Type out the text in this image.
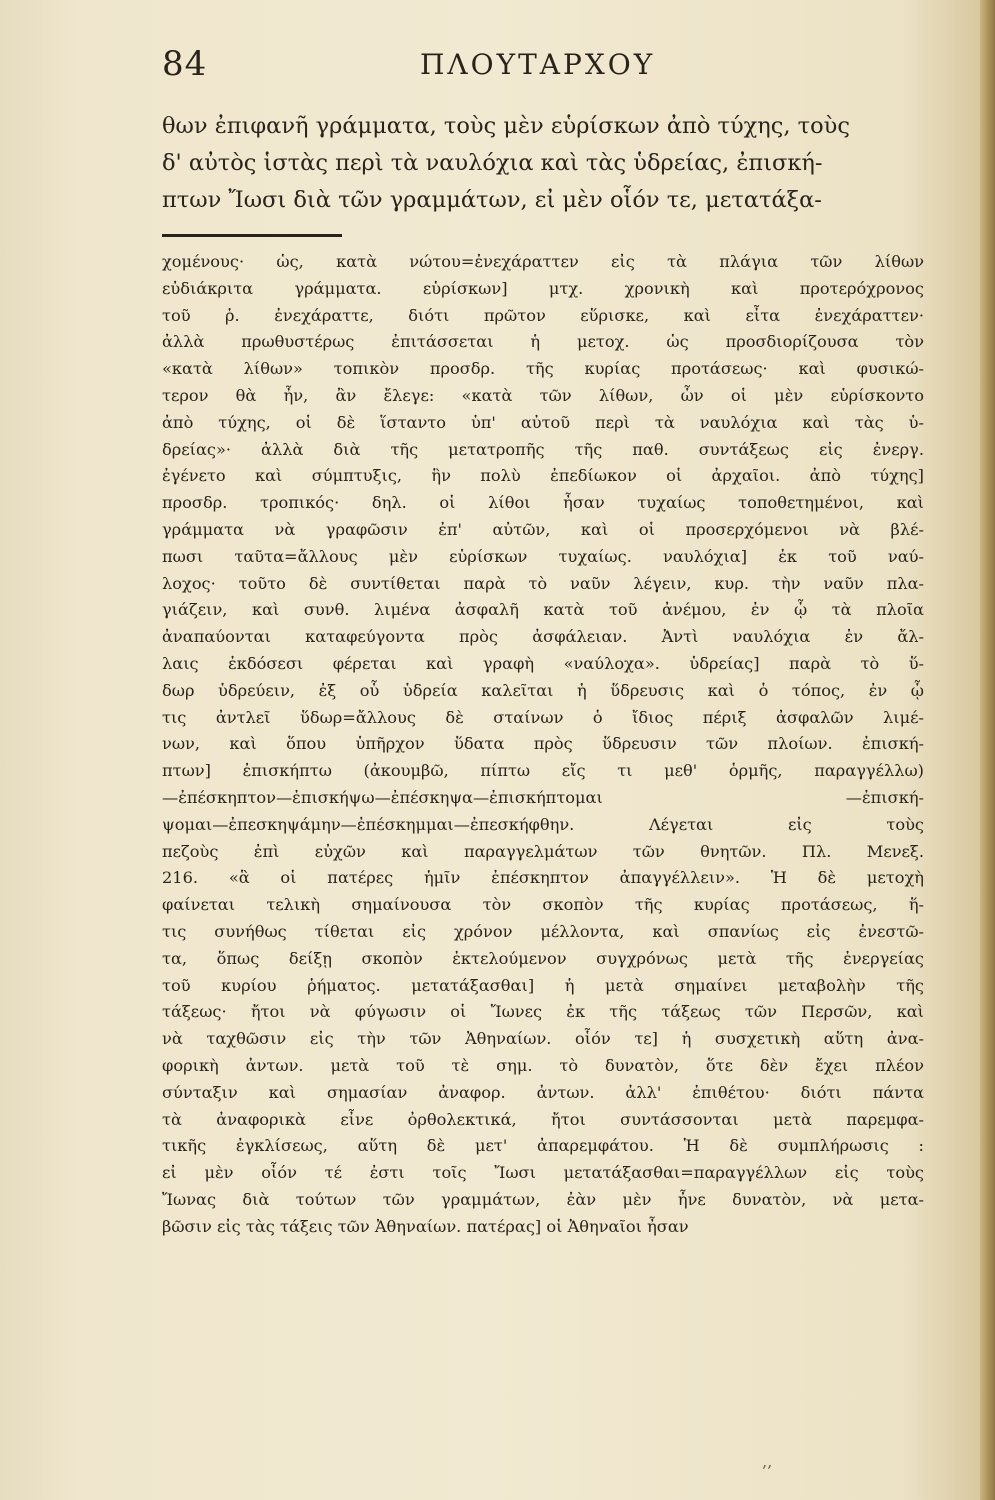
84	ΠΛΟΥΤΑΡΧΟΥ
θων ἐπιφανῆ γράμματα, τοὺς μὲν εὑρίσκων ἀπὸ τύχης, τοὺς
δ' αὐτὸς ἱστὰς περὶ τὰ ναυλόχια καὶ τὰς ὑδρείας, ἐπισκή-
πτων Ἴωσι διὰ τῶν γραμμάτων, εἰ μὲν οἷόν τε, μετατάξα-
χομένους· ὡς, κατὰ νώτου=ἐνεχάραττεν εἰς τὰ πλάγια τῶν λίθων
εὐδιάκριτα γράμματα. εὑρίσκων] μτχ. χρονικὴ καὶ προτερόχρονος
τοῦ ῥ. ἐνεχάραττε, διότι πρῶτον εὕρισκε, καὶ εἶτα ἐνεχάραττεν·
ἀλλὰ πρωθυστέρως ἐπιτάσσεται ἡ μετοχ. ὡς προσδιορίζουσα τὸν
«κατὰ λίθων» τοπικὸν προσδρ. τῆς κυρίας προτάσεως· καὶ φυσικώ-
τερον θὰ ἦν, ἂν ἔλεγε: «κατὰ τῶν λίθων, ὧν οἱ μὲν εὑρίσκοντο
ἀπὸ τύχης, οἱ δὲ ἵσταντο ὑπ' αὐτοῦ περὶ τὰ ναυλόχια καὶ τὰς ὑ-
δρείας»· ἀλλὰ διὰ τῆς μετατροπῆς τῆς παθ. συντάξεως εἰς ἐνεργ.
ἐγένετο καὶ σύμπτυξις, ἣν πολὺ ἐπεδίωκον οἱ ἀρχαῖοι. ἀπὸ τύχης]
προσδρ. τροπικός· δηλ. οἱ λίθοι ἦσαν τυχαίως τοποθετημένοι, καὶ
γράμματα νὰ γραφῶσιν ἐπ' αὐτῶν, καὶ οἱ προσερχόμενοι νὰ βλέ-
πωσι ταῦτα=ἄλλους μὲν εὑρίσκων τυχαίως. ναυλόχια] ἐκ τοῦ ναύ-
λοχος· τοῦτο δὲ συντίθεται παρὰ τὸ ναῦν λέγειν, κυρ. τὴν ναῦν πλα-
γιάζειν, καὶ συνθ. λιμένα ἀσφαλῆ κατὰ τοῦ ἀνέμου, ἐν ᾧ τὰ πλοῖα
ἀναπαύονται καταφεύγοντα πρὸς ἀσφάλειαν. Ἀντὶ ναυλόχια ἐν ἄλ-
λαις ἐκδόσεσι φέρεται καὶ γραφὴ «ναύλοχα». ὑδρείας] παρὰ τὸ ὕ-
δωρ ὑδρεύειν, ἐξ οὗ ὑδρεία καλεῖται ἡ ὕδρευσις καὶ ὁ τόπος, ἐν ᾧ
τις ἀντλεῖ ὕδωρ=ἄλλους δὲ σταίνων ὁ ἴδιος πέριξ ἀσφαλῶν λιμέ-
νων, καὶ ὅπου ὑπῆρχον ὕδατα πρὸς ὕδρευσιν τῶν πλοίων. ἐπισκή-
πτων] ἐπισκήπτω (ἀκουμβῶ, πίπτω εἴς τι μεθ' ὁρμῆς, παραγγέλλω)
—ἐπέσκηπτον—ἐπισκήψω—ἐπέσκηψα—ἐπισκήπτομαι —ἐπισκή-
ψομαι—ἐπεσκηψάμην—ἐπέσκημμαι—ἐπεσκήφθην. Λέγεται εἰς τοὺς
πεζοὺς ἐπὶ εὐχῶν καὶ παραγγελμάτων τῶν θνητῶν. Πλ. Μενεξ.
216. «ἃ οἱ πατέρες ἡμῖν ἐπέσκηπτον ἀπαγγέλλειν». Ἡ δὲ μετοχὴ
φαίνεται τελικὴ σημαίνουσα τὸν σκοπὸν τῆς κυρίας προτάσεως, ἥ-
τις συνήθως τίθεται εἰς χρόνον μέλλοντα, καὶ σπανίως εἰς ἐνεστῶ-
τα, ὅπως δείξῃ σκοπὸν ἐκτελούμενον συγχρόνως μετὰ τῆς ἐνεργείας
τοῦ κυρίου ῥήματος. μετατάξασθαι] ἡ μετὰ σημαίνει μεταβολὴν τῆς
τάξεως· ἤτοι νὰ φύγωσιν οἱ Ἴωνες ἐκ τῆς τάξεως τῶν Περσῶν, καὶ
νὰ ταχθῶσιν εἰς τὴν τῶν Ἀθηναίων. οἷόν τε] ἡ συσχετικὴ αὕτη ἀνα-
φορικὴ ἀντων. μετὰ τοῦ τὲ σημ. τὸ δυνατὸν, ὅτε δὲν ἔχει πλέον
σύνταξιν καὶ σημασίαν ἀναφορ. ἀντων. ἀλλ' ἐπιθέτου· διότι πάντα
τὰ ἀναφορικὰ εἶνε ὀρθολεκτικά, ἤτοι συντάσσονται μετὰ παρεμφα-
τικῆς ἐγκλίσεως, αὕτη δὲ μετ' ἀπαρεμφάτου. Ἡ δὲ συμπλήρωσις :
εἰ μὲν οἷόν τέ ἐστι τοῖς Ἴωσι μετατάξασθαι=παραγγέλλων εἰς τοὺς
Ἴωνας διὰ τούτων τῶν γραμμάτων, ἐὰν μὲν ἦνε δυνατὸν, νὰ μετα-
βῶσιν εἰς τὰς τάξεις τῶν Ἀθηναίων. πατέρας] οἱ Ἀθηναῖοι ἦσαν
‚‚
